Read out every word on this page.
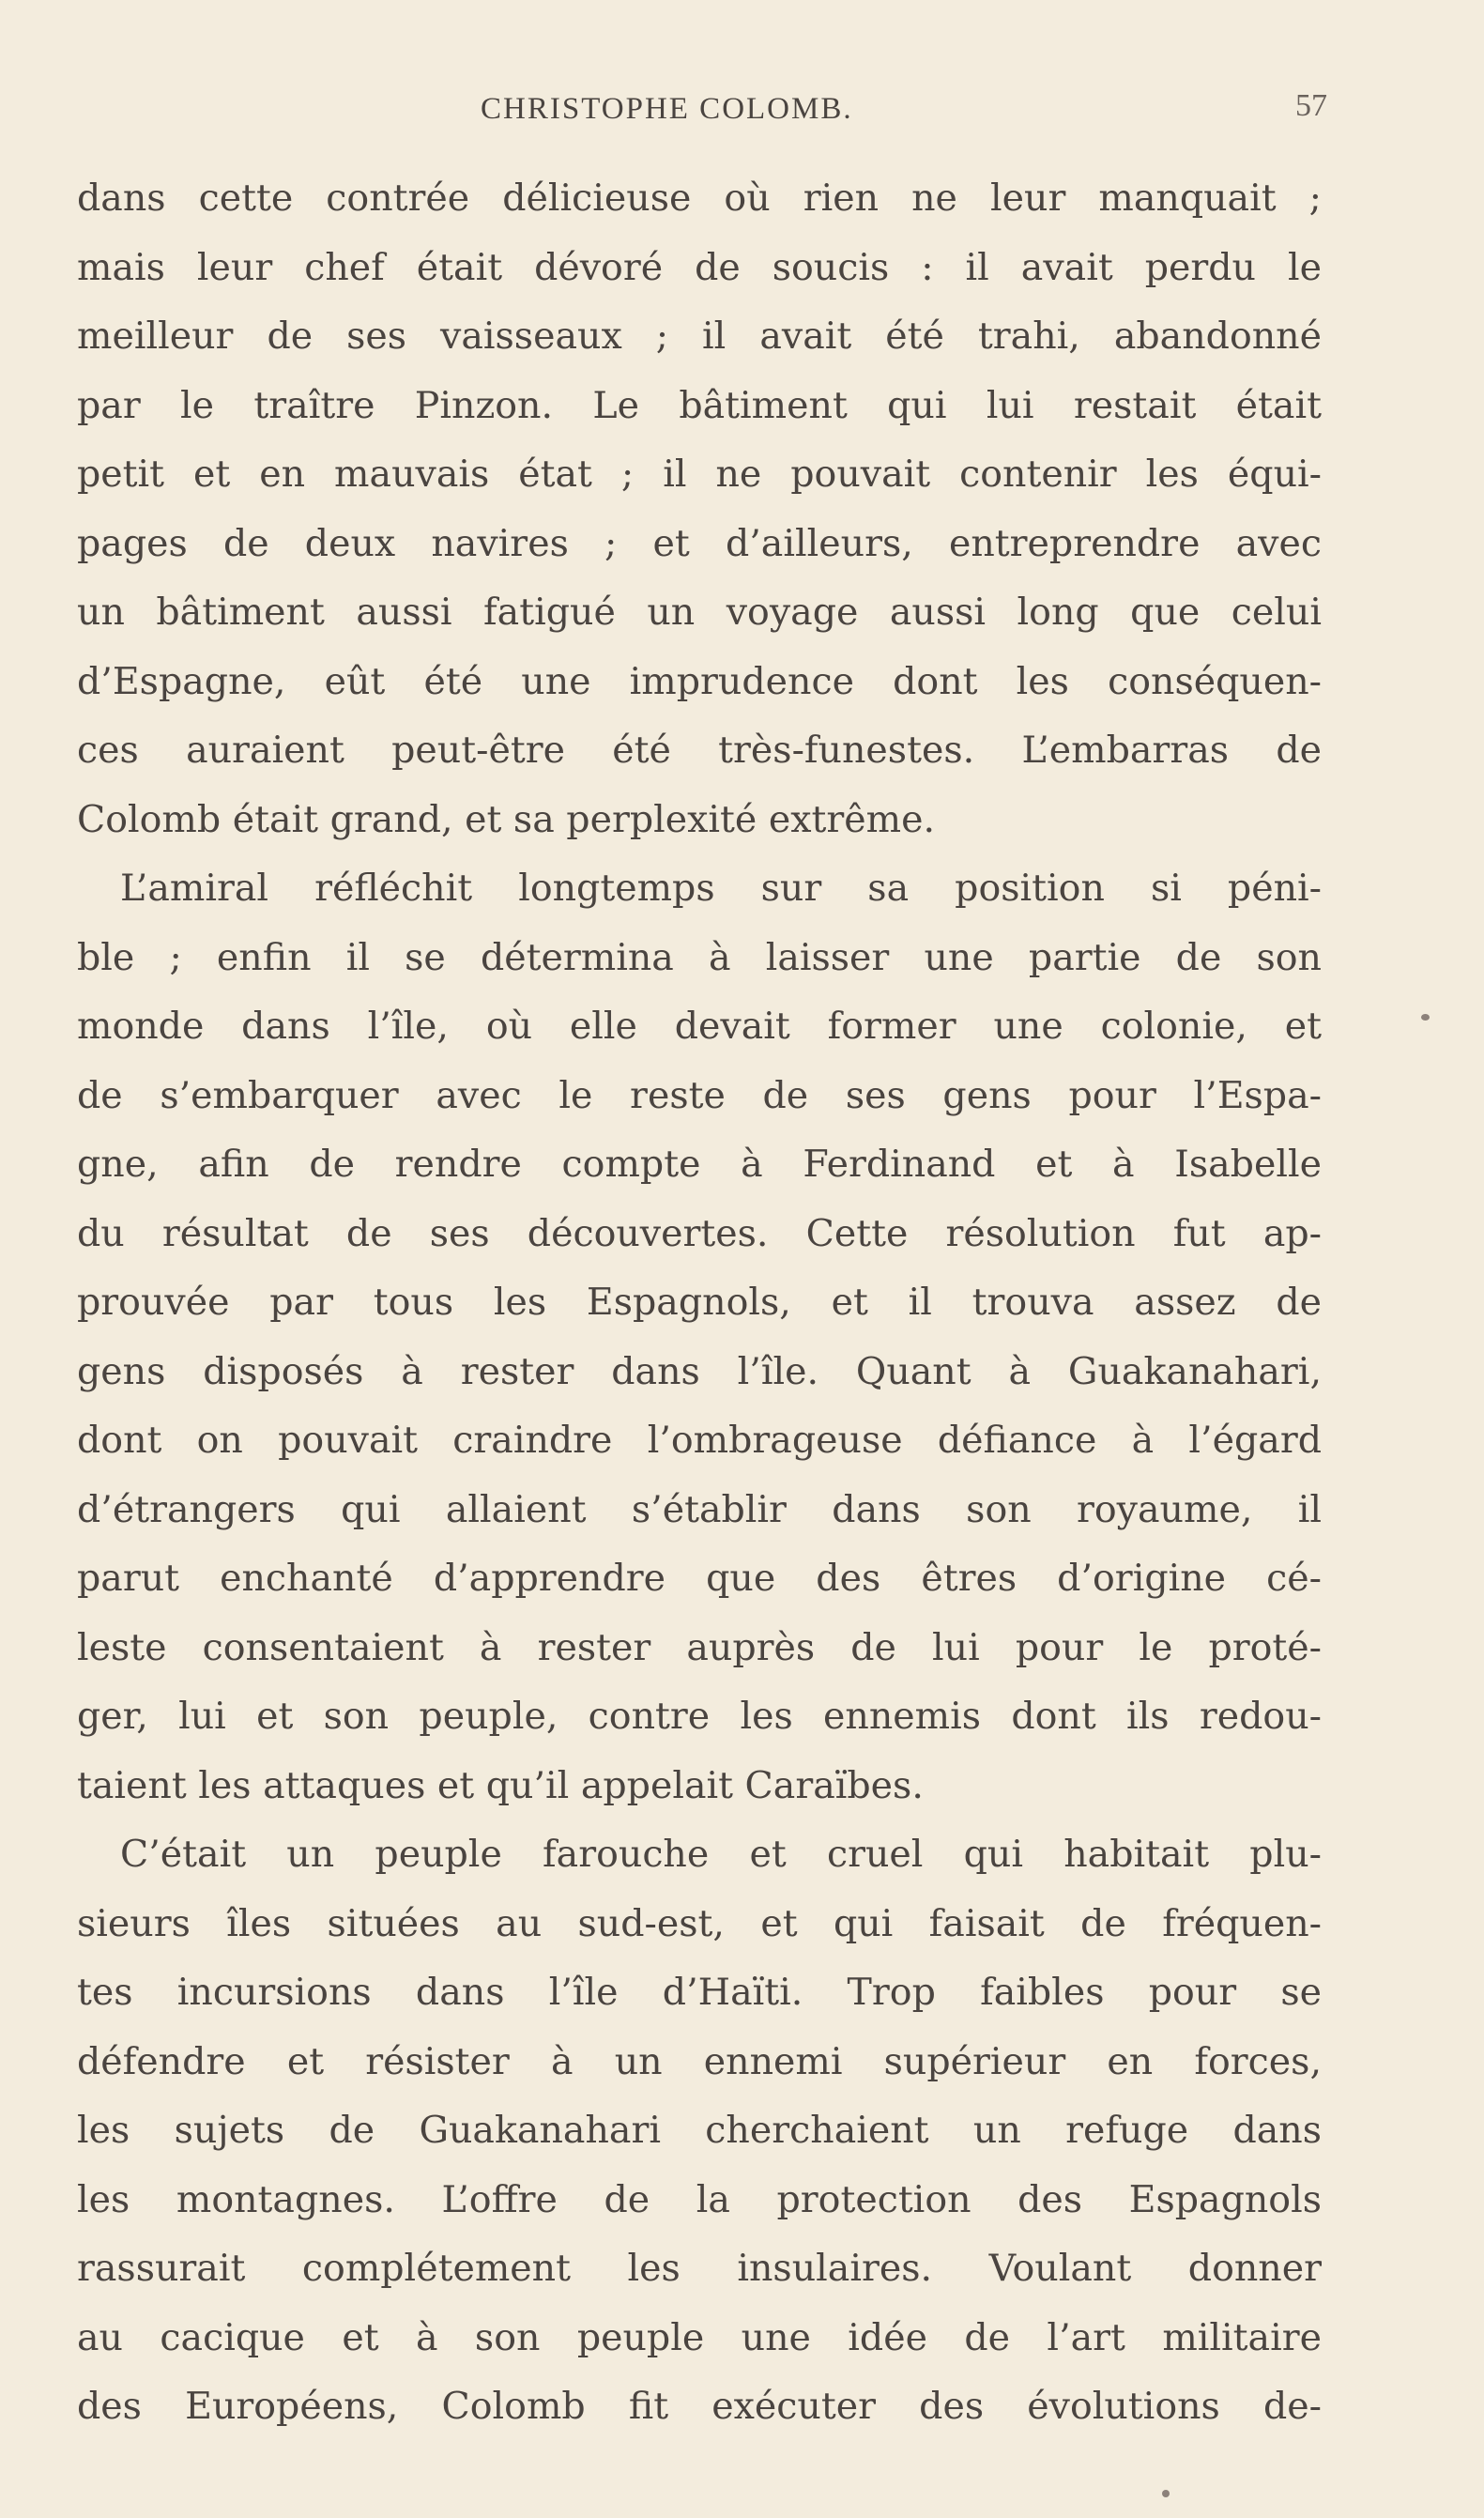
CHRISTOPHE COLOMB.	57
dans cette contrée délicieuse où rien ne leur manquait ;
mais leur chef était dévoré de soucis : il avait perdu le
meilleur de ses vaisseaux ; il avait été trahi, abandonné
par le traître Pinzon. Le bâtiment qui lui restait était
petit et en mauvais état ; il ne pouvait contenir les équi-
pages de deux navires ; et d’ailleurs, entreprendre avec
un bâtiment aussi fatigué un voyage aussi long que celui
d’Espagne, eût été une imprudence dont les conséquen-
ces auraient peut-être été très-funestes. L’embarras de
Colomb était grand, et sa perplexité extrême.
L’amiral réfléchit longtemps sur sa position si péni-
ble ; enfin il se détermina à laisser une partie de son
monde dans l’île, où elle devait former une colonie, et
de s’embarquer avec le reste de ses gens pour l’Espa-
gne, afin de rendre compte à Ferdinand et à Isabelle
du résultat de ses découvertes. Cette résolution fut ap-
prouvée par tous les Espagnols, et il trouva assez de
gens disposés à rester dans l’île. Quant à Guakanahari,
dont on pouvait craindre l’ombrageuse défiance à l’égard
d’étrangers qui allaient s’établir dans son royaume, il
parut enchanté d’apprendre que des êtres d’origine cé-
leste consentaient à rester auprès de lui pour le proté-
ger, lui et son peuple, contre les ennemis dont ils redou-
taient les attaques et qu’il appelait Caraïbes.
C’était un peuple farouche et cruel qui habitait plu-
sieurs îles situées au sud-est, et qui faisait de fréquen-
tes incursions dans l’île d’Haïti. Trop faibles pour se
défendre et résister à un ennemi supérieur en forces,
les sujets de Guakanahari cherchaient un refuge dans
les montagnes. L’offre de la protection des Espagnols
rassurait complétement les insulaires. Voulant donner
au cacique et à son peuple une idée de l’art militaire
des Européens, Colomb fit exécuter des évolutions de-
